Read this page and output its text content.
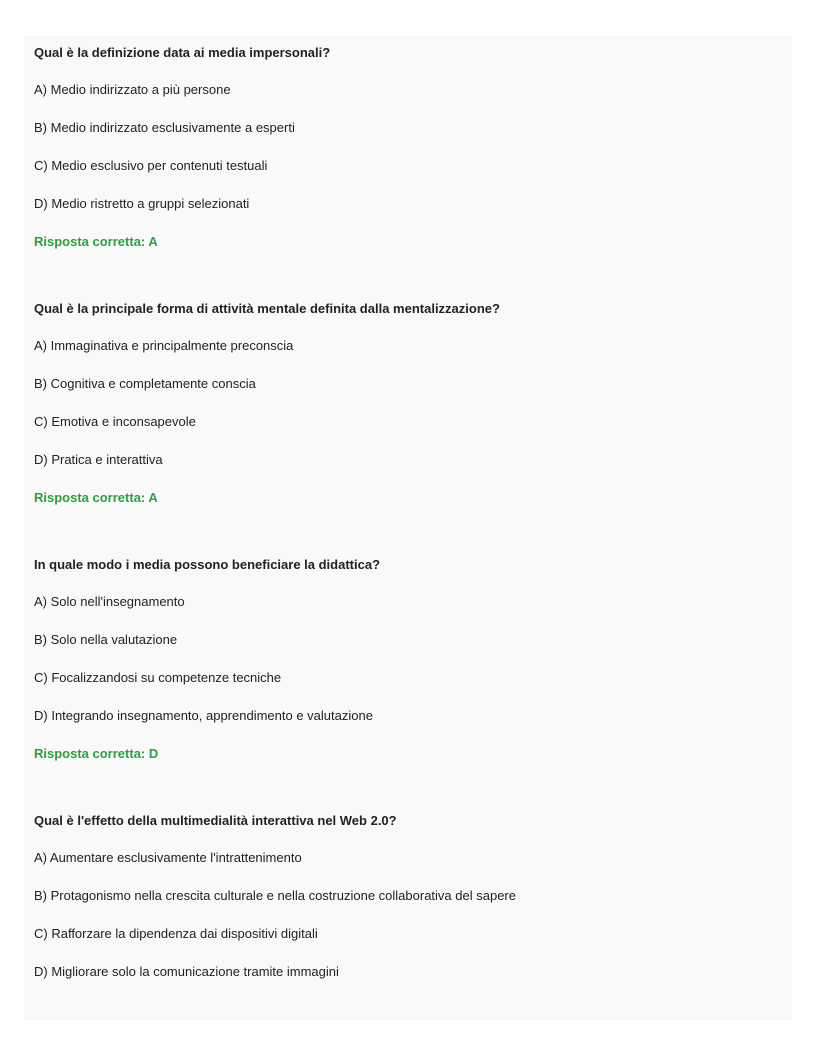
Qual è la definizione data ai media impersonali?
A) Medio indirizzato a più persone
B) Medio indirizzato esclusivamente a esperti
C) Medio esclusivo per contenuti testuali
D) Medio ristretto a gruppi selezionati
Risposta corretta: A
Qual è la principale forma di attività mentale definita dalla mentalizzazione?
A) Immaginativa e principalmente preconscia
B) Cognitiva e completamente conscia
C) Emotiva e inconsapevole
D) Pratica e interattiva
Risposta corretta: A
In quale modo i media possono beneficiare la didattica?
A) Solo nell'insegnamento
B) Solo nella valutazione
C) Focalizzandosi su competenze tecniche
D) Integrando insegnamento, apprendimento e valutazione
Risposta corretta: D
Qual è l'effetto della multimedialità interattiva nel Web 2.0?
A) Aumentare esclusivamente l'intrattenimento
B) Protagonismo nella crescita culturale e nella costruzione collaborativa del sapere
C) Rafforzare la dipendenza dai dispositivi digitali
D) Migliorare solo la comunicazione tramite immagini
